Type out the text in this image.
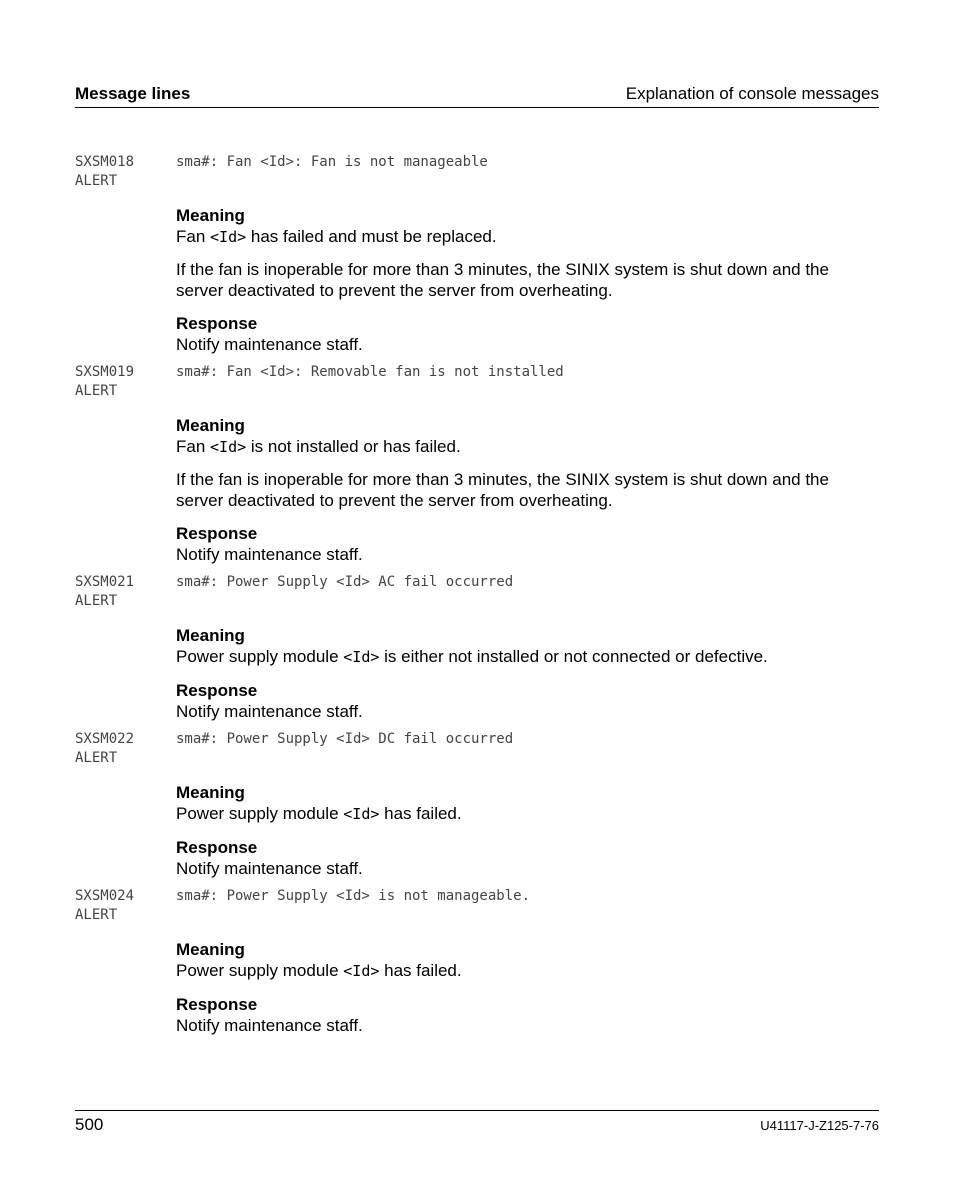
Message lines	Explanation of console messages
SXSM018
ALERT
sma#: Fan <Id>: Fan is not manageable
Meaning

Fan <Id> has failed and must be replaced.

If the fan is inoperable for more than 3 minutes, the SINIX system is shut down and the server deactivated to prevent the server from overheating.

Response

Notify maintenance staff.

SXSM019
ALERT
sma#: Fan <Id>: Removable fan is not installed
Meaning

Fan <Id> is not installed or has failed.

If the fan is inoperable for more than 3 minutes, the SINIX system is shut down and the server deactivated to prevent the server from overheating.

Response

Notify maintenance staff.

SXSM021
ALERT
sma#: Power Supply <Id> AC fail occurred
Meaning

Power supply module <Id> is either not installed or not connected or defective.

Response

Notify maintenance staff.

SXSM022
ALERT
sma#: Power Supply <Id> DC fail occurred
Meaning

Power supply module <Id> has failed.

Response

Notify maintenance staff.

SXSM024
ALERT
sma#: Power Supply <Id> is not manageable.
Meaning

Power supply module <Id> has failed.

Response

Notify maintenance staff.

500	U41117-J-Z125-7-76
